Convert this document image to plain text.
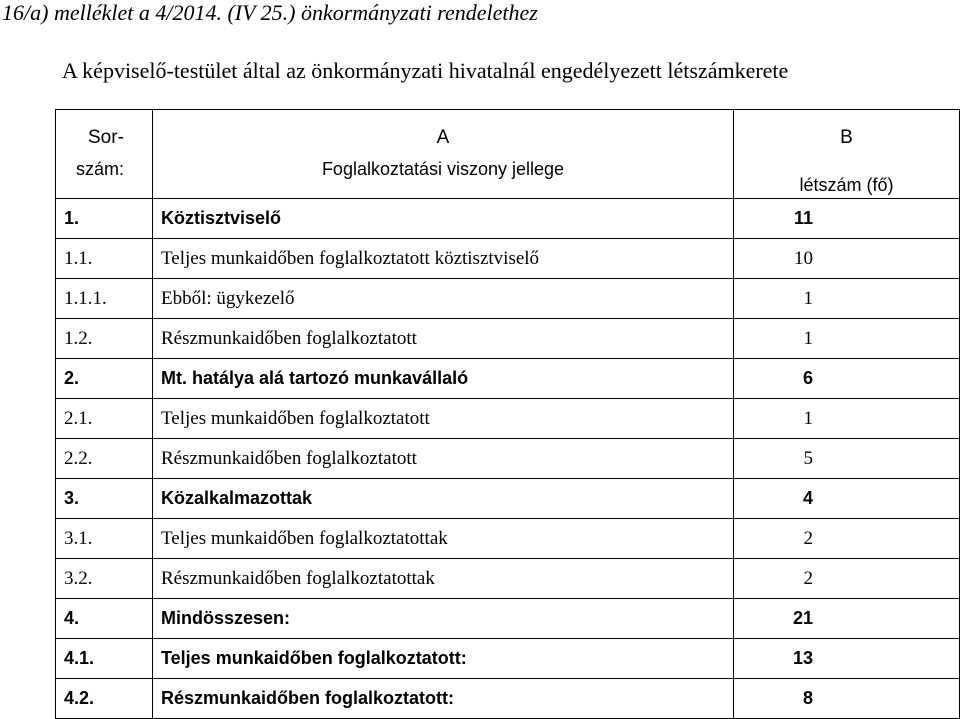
16/a) melléklet a 4/2014. (IV 25.) önkormányzati rendelethez
A képviselő-testület által az önkormányzati hivatalnál engedélyezett létszámkerete
Sor-	A	B
szám:	Foglalkoztatási viszony jellege	létszám (fő)
1.	Köztisztviselő	11
1.1.	Teljes munkaidőben foglalkoztatott köztisztviselő	10
1.1.1.	Ebből: ügykezelő	1
1.2.	Részmunkaidőben foglalkoztatott	1
2.	Mt. hatálya alá tartozó munkavállaló	6
2.1.	Teljes munkaidőben foglalkoztatott	1
2.2.	Részmunkaidőben foglalkoztatott	5
3.	Közalkalmazottak	4
3.1.	Teljes munkaidőben foglalkoztatottak	2
3.2.	Részmunkaidőben foglalkoztatottak	2
4.	Mindösszesen:	21
4.1.	Teljes munkaidőben foglalkoztatott:	13
4.2.	Részmunkaidőben foglalkoztatott:	8
